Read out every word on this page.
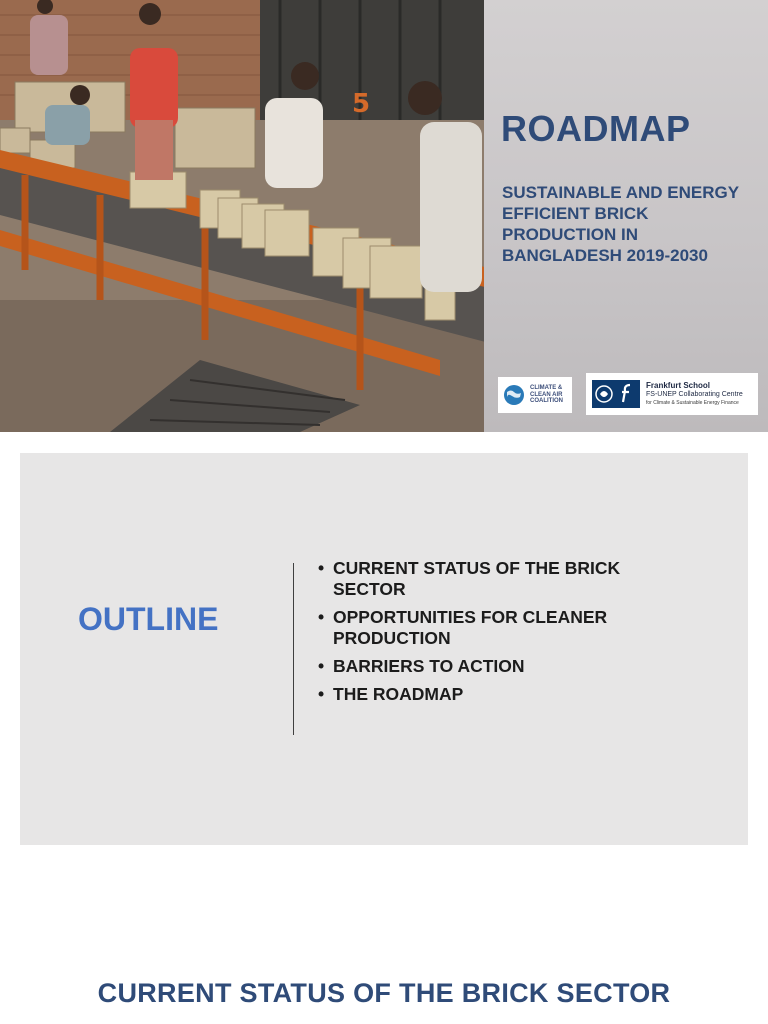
5
ROADMAP

SUSTAINABLE AND ENERGY EFFICIENT BRICK PRODUCTION IN BANGLADESH 2019-2030

CLIMATE &
CLEAN AIR
COALITION
Frankfurt School
FS-UNEP Collaborating Centre
for Climate & Sustainable Energy Finance
OUTLINE
• CURRENT STATUS OF THE BRICK SECTOR
• OPPORTUNITIES FOR CLEANER PRODUCTION
• BARRIERS TO ACTION
• THE ROADMAP
CURRENT STATUS OF THE BRICK SECTOR
